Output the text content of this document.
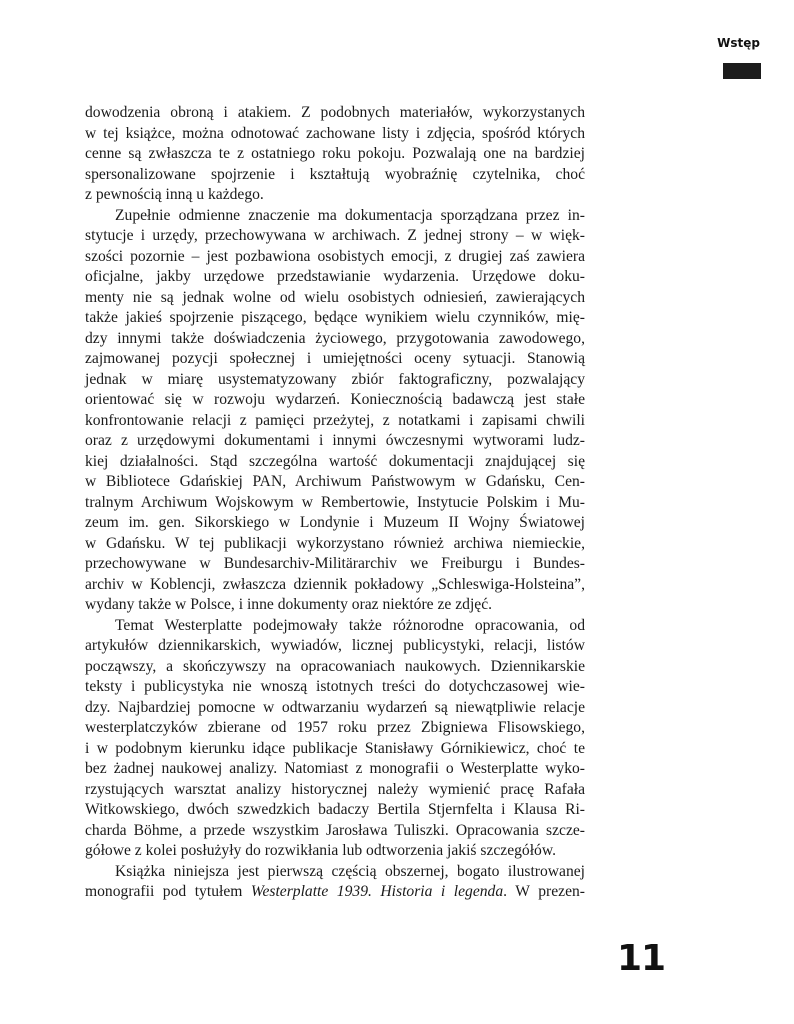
Wstęp
dowodzenia obroną i atakiem. Z podobnych materiałów, wykorzystanych
w tej książce, można odnotować zachowane listy i zdjęcia, spośród których
cenne są zwłaszcza te z ostatniego roku pokoju. Pozwalają one na bardziej
spersonalizowane spojrzenie i kształtują wyobraźnię czytelnika, choć
z pewnością inną u każdego.
Zupełnie odmienne znaczenie ma dokumentacja sporządzana przez in-
stytucje i urzędy, przechowywana w archiwach. Z jednej strony – w więk-
szości pozornie – jest pozbawiona osobistych emocji, z drugiej zaś zawiera
oficjalne, jakby urzędowe przedstawianie wydarzenia. Urzędowe doku-
menty nie są jednak wolne od wielu osobistych odniesień, zawierających
także jakieś spojrzenie piszącego, będące wynikiem wielu czynników, mię-
dzy innymi także doświadczenia życiowego, przygotowania zawodowego,
zajmowanej pozycji społecznej i umiejętności oceny sytuacji. Stanowią
jednak w miarę usystematyzowany zbiór faktograficzny, pozwalający
orientować się w rozwoju wydarzeń. Koniecznością badawczą jest stałe
konfrontowanie relacji z pamięci przeżytej, z notatkami i zapisami chwili
oraz z urzędowymi dokumentami i innymi ówczesnymi wytworami ludz-
kiej działalności. Stąd szczególna wartość dokumentacji znajdującej się
w Bibliotece Gdańskiej PAN, Archiwum Państwowym w Gdańsku, Cen-
tralnym Archiwum Wojskowym w Rembertowie, Instytucie Polskim i Mu-
zeum im. gen. Sikorskiego w Londynie i Muzeum II Wojny Światowej
w Gdańsku. W tej publikacji wykorzystano również archiwa niemieckie,
przechowywane w Bundesarchiv-Militärarchiv we Freiburgu i Bundes-
archiv w Koblencji, zwłaszcza dziennik pokładowy „Schleswiga-Holsteina”,
wydany także w Polsce, i inne dokumenty oraz niektóre ze zdjęć.
Temat Westerplatte podejmowały także różnorodne opracowania, od
artykułów dziennikarskich, wywiadów, licznej publicystyki, relacji, listów
począwszy, a skończywszy na opracowaniach naukowych. Dziennikarskie
teksty i publicystyka nie wnoszą istotnych treści do dotychczasowej wie-
dzy. Najbardziej pomocne w odtwarzaniu wydarzeń są niewątpliwie relacje
westerplatczyków zbierane od 1957 roku przez Zbigniewa Flisowskiego,
i w podobnym kierunku idące publikacje Stanisławy Górnikiewicz, choć te
bez żadnej naukowej analizy. Natomiast z monografii o Westerplatte wyko-
rzystujących warsztat analizy historycznej należy wymienić pracę Rafała
Witkowskiego, dwóch szwedzkich badaczy Bertila Stjernfelta i Klausa Ri-
charda Böhme, a przede wszystkim Jarosława Tuliszki. Opracowania szcze-
gółowe z kolei posłużyły do rozwikłania lub odtworzenia jakiś szczegółów.
Książka niniejsza jest pierwszą częścią obszernej, bogato ilustrowanej
monografii pod tytułem Westerplatte 1939. Historia i legenda. W prezen-
11
